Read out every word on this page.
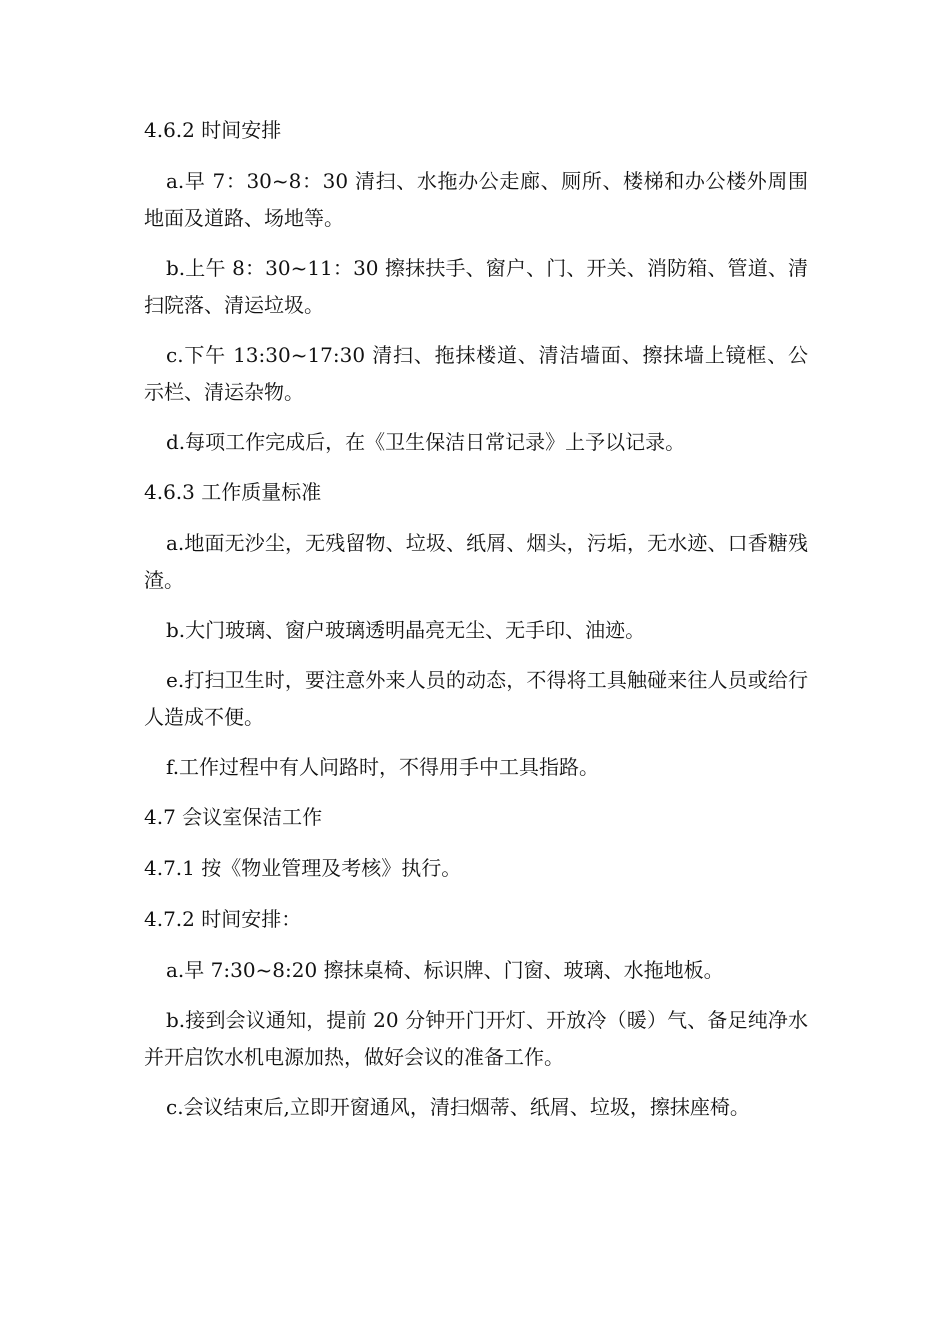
4.6.2 时间安排

a.早 7：30~8：30 清扫、水拖办公走廊、厕所、楼梯和办公楼外周围地面及道路、场地等。

b.上午 8：30~11：30 擦抹扶手、窗户、门、开关、消防箱、管道、清扫院落、清运垃圾。

c.下午 13:30~17:30 清扫、拖抹楼道、清洁墙面、擦抹墙上镜框、公示栏、清运杂物。

d.每项工作完成后，在《卫生保洁日常记录》上予以记录。

4.6.3 工作质量标准

a.地面无沙尘，无残留物、垃圾、纸屑、烟头，污垢，无水迹、口香糖残渣。

b.大门玻璃、窗户玻璃透明晶亮无尘、无手印、油迹。

e.打扫卫生时，要注意外来人员的动态，不得将工具触碰来往人员或给行人造成不便。

f.工作过程中有人问路时，不得用手中工具指路。

4.7 会议室保洁工作
4.7.1 按《物业管理及考核》执行。
4.7.2 时间安排：

a.早 7:30~8:20 擦抹桌椅、标识牌、门窗、玻璃、水拖地板。

b.接到会议通知，提前 20 分钟开门开灯、开放冷（暖）气、备足纯净水并开启饮水机电源加热，做好会议的准备工作。

c.会议结束后,立即开窗通风，清扫烟蒂、纸屑、垃圾，擦抹座椅。
